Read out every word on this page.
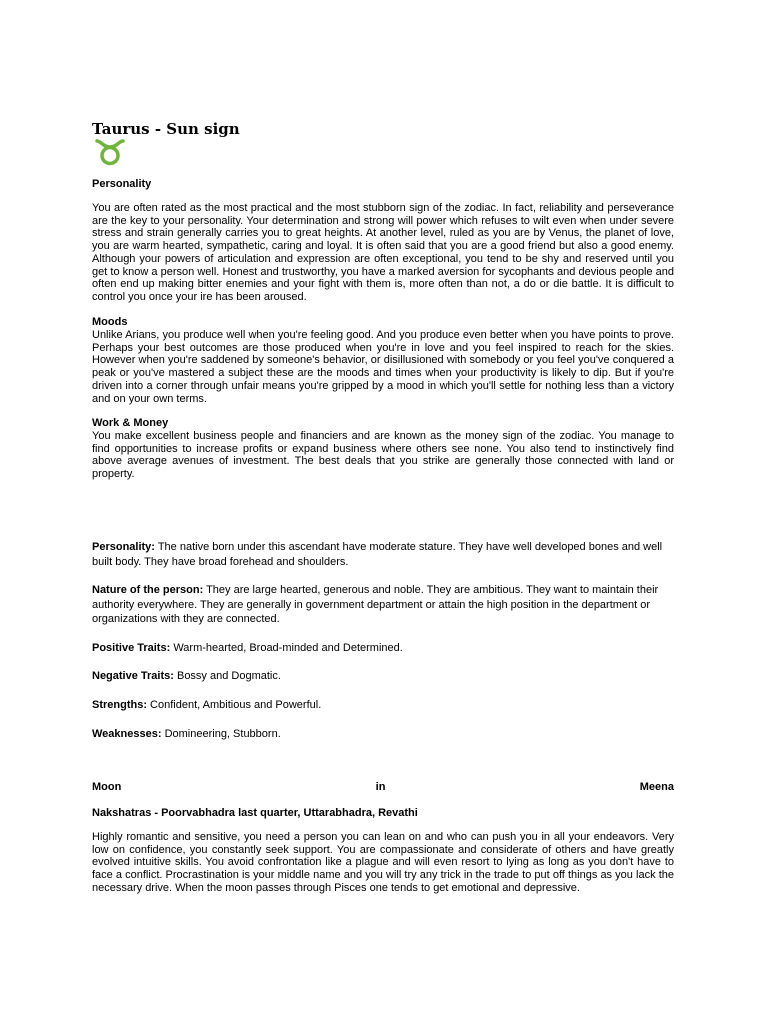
Taurus - Sun sign
Personality
You are often rated as the most practical and the most stubborn sign of the zodiac. In fact, reliability and perseverance are the key to your personality. Your determination and strong will power which refuses to wilt even when under severe stress and strain generally carries you to great heights. At another level, ruled as you are by Venus, the planet of love, you are warm hearted, sympathetic, caring and loyal. It is often said that you are a good friend but also a good enemy. Although your powers of articulation and expression are often exceptional, you tend to be shy and reserved until you get to know a person well. Honest and trustworthy, you have a marked aversion for sycophants and devious people and often end up making bitter enemies and your fight with them is, more often than not, a do or die battle. It is difficult to control you once your ire has been aroused.
Moods
Unlike Arians, you produce well when you're feeling good. And you produce even better when you have points to prove. Perhaps your best outcomes are those produced when you're in love and you feel inspired to reach for the skies. However when you're saddened by someone's behavior, or disillusioned with somebody or you feel you've conquered a peak or you've mastered a subject these are the moods and times when your productivity is likely to dip. But if you're driven into a corner through unfair means you're gripped by a mood in which you'll settle for nothing less than a victory and on your own terms.
Work & Money
You make excellent business people and financiers and are known as the money sign of the zodiac. You manage to find opportunities to increase profits or expand business where others see none. You also tend to instinctively find above average avenues of investment. The best deals that you strike are generally those connected with land or property.
Personality: The native born under this ascendant have moderate stature. They have well developed bones and well built body. They have broad forehead and shoulders.
Nature of the person: They are large hearted, generous and noble. They are ambitious. They want to maintain their authority everywhere. They are generally in government department or attain the high position in the department or organizations with they are connected.
Positive Traits: Warm-hearted, Broad-minded and Determined.
Negative Traits: Bossy and Dogmatic.
Strengths: Confident, Ambitious and Powerful.
Weaknesses: Domineering, Stubborn.
Moon	in	Meena
Nakshatras - Poorvabhadra last quarter, Uttarabhadra, Revathi
Highly romantic and sensitive, you need a person you can lean on and who can push you in all your endeavors. Very low on confidence, you constantly seek support. You are compassionate and considerate of others and have greatly evolved intuitive skills. You avoid confrontation like a plague and will even resort to lying as long as you don't have to face a conflict. Procrastination is your middle name and you will try any trick in the trade to put off things as you lack the necessary drive. When the moon passes through Pisces one tends to get emotional and depressive.
